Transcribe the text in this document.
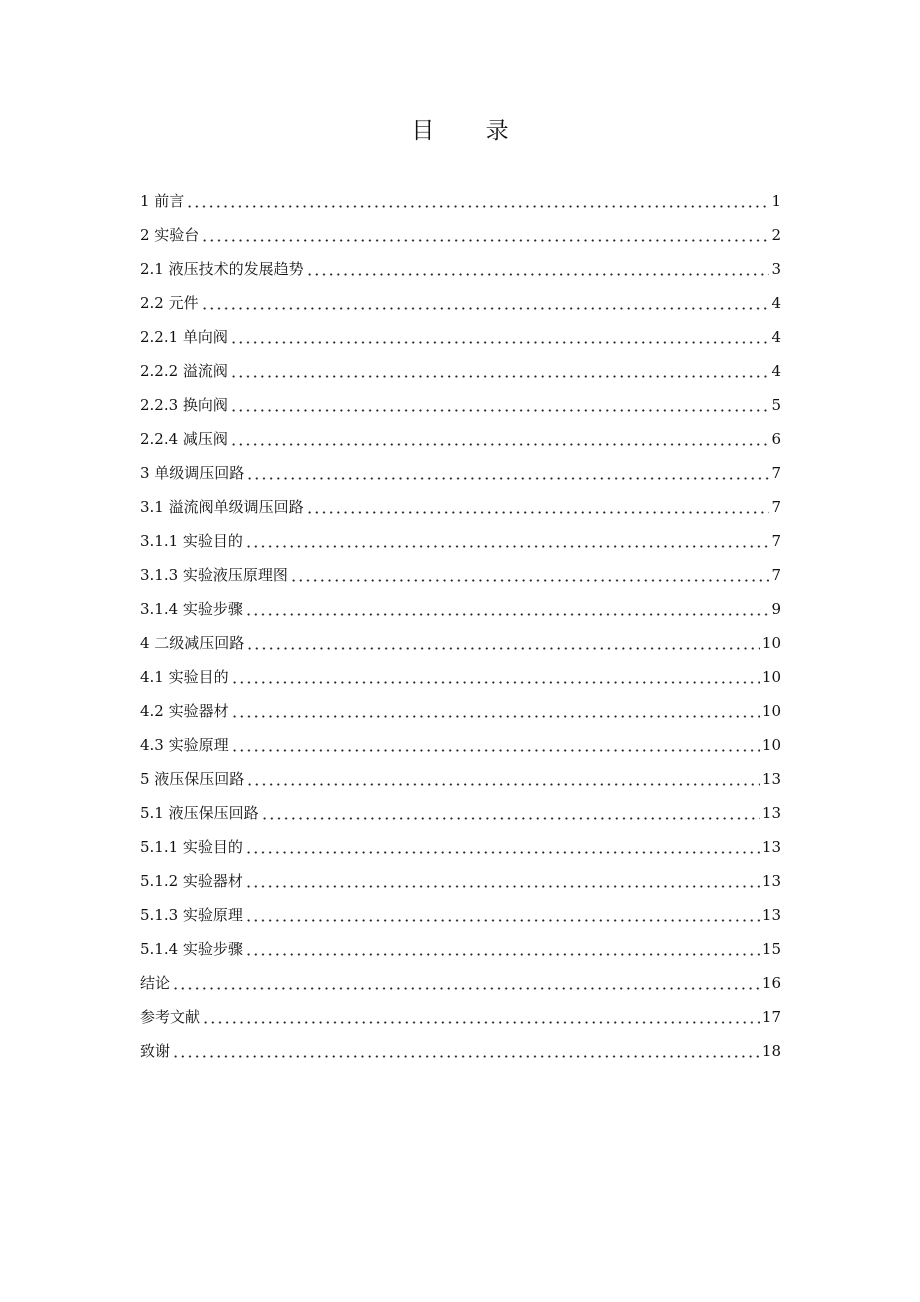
目 录
1 前言	1
2 实验台	2
2.1 液压技术的发展趋势	3
2.2 元件	4
2.2.1 单向阀	4
2.2.2 溢流阀	4
2.2.3 换向阀	5
2.2.4 减压阀	6
3 单级调压回路	7
3.1 溢流阀单级调压回路	7
3.1.1 实验目的	7
3.1.3 实验液压原理图	7
3.1.4 实验步骤	9
4 二级减压回路	10
4.1 实验目的	10
4.2 实验器材	10
4.3 实验原理	10
5 液压保压回路	13
5.1 液压保压回路	13
5.1.1 实验目的	13
5.1.2 实验器材	13
5.1.3 实验原理	13
5.1.4 实验步骤	15
结论	16
参考文献	17
致谢	18
